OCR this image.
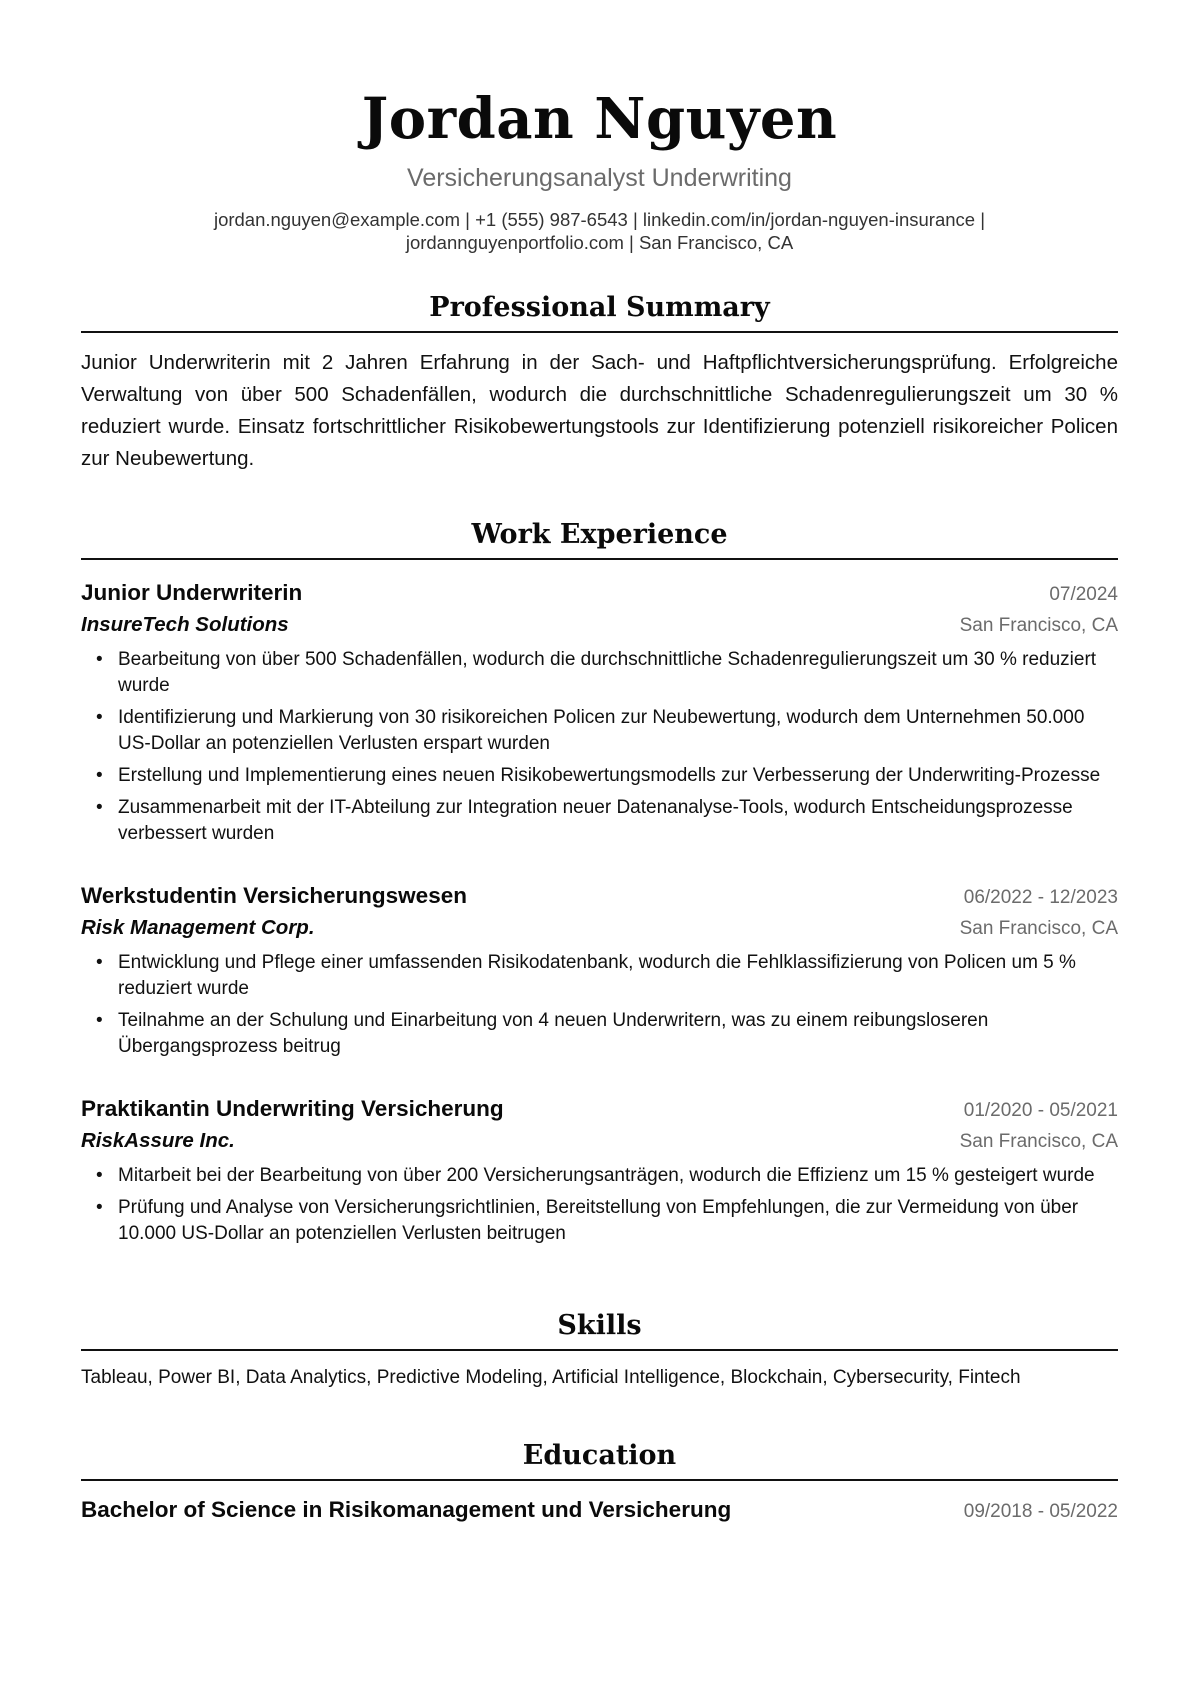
Jordan Nguyen
Versicherungsanalyst Underwriting
jordan.nguyen@example.com | +1 (555) 987-6543 | linkedin.com/in/jordan-nguyen-insurance |
jordannguyenportfolio.com | San Francisco, CA
Professional Summary
Junior Underwriterin mit 2 Jahren Erfahrung in der Sach- und Haftpflichtversicherungsprüfung. Erfolgreiche Verwaltung von über 500 Schadenfällen, wodurch die durchschnittliche Schadenregulierungszeit um 30 % reduziert wurde. Einsatz fortschrittlicher Risikobewertungstools zur Identifizierung potenziell risikoreicher Policen zur Neubewertung.
Work Experience
Junior Underwriterin	07/2024
InsureTech Solutions	San Francisco, CA
• Bearbeitung von über 500 Schadenfällen, wodurch die durchschnittliche Schadenregulierungszeit um 30 % reduziert wurde
• Identifizierung und Markierung von 30 risikoreichen Policen zur Neubewertung, wodurch dem Unternehmen 50.000 US-Dollar an potenziellen Verlusten erspart wurden
• Erstellung und Implementierung eines neuen Risikobewertungsmodells zur Verbesserung der Underwriting-Prozesse
• Zusammenarbeit mit der IT-Abteilung zur Integration neuer Datenanalyse-Tools, wodurch Entscheidungsprozesse verbessert wurden
Werkstudentin Versicherungswesen	06/2022 - 12/2023
Risk Management Corp.	San Francisco, CA
• Entwicklung und Pflege einer umfassenden Risikodatenbank, wodurch die Fehlklassifizierung von Policen um 5 % reduziert wurde
• Teilnahme an der Schulung und Einarbeitung von 4 neuen Underwritern, was zu einem reibungsloseren Übergangsprozess beitrug
Praktikantin Underwriting Versicherung	01/2020 - 05/2021
RiskAssure Inc.	San Francisco, CA
• Mitarbeit bei der Bearbeitung von über 200 Versicherungsanträgen, wodurch die Effizienz um 15 % gesteigert wurde
• Prüfung und Analyse von Versicherungsrichtlinien, Bereitstellung von Empfehlungen, die zur Vermeidung von über 10.000 US-Dollar an potenziellen Verlusten beitrugen
Skills
Tableau, Power BI, Data Analytics, Predictive Modeling, Artificial Intelligence, Blockchain, Cybersecurity, Fintech
Education
Bachelor of Science in Risikomanagement und Versicherung	09/2018 - 05/2022
